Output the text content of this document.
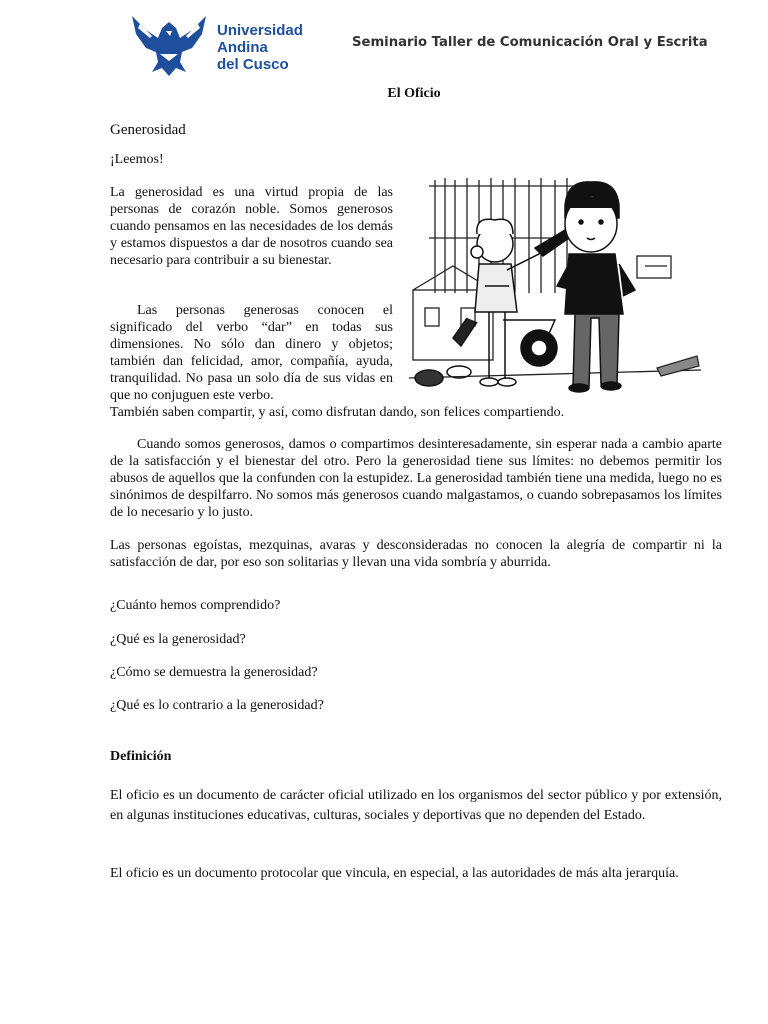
Universidad
Andina
del Cusco
Seminario Taller de Comunicación Oral y Escrita
El Oficio

Generosidad

¡Leemos!

La generosidad es una virtud propia de las personas de corazón noble. Somos generosos cuando pensamos en las necesidades de los demás y estamos dispuestos a dar de nosotros cuando sea necesario para contribuir a su bienestar.

Las personas generosas conocen el significado del verbo “dar” en todas sus dimensiones. No sólo dan dinero y objetos; también dan felicidad, amor, compañía, ayuda, tranquilidad. No pasa un solo día de sus vidas en que no conjuguen este verbo.

También saben compartir, y así, como disfrutan dando, son felices compartiendo.

Cuando somos generosos, damos o compartimos desinteresadamente, sin esperar nada a cambio aparte de la satisfacción y el bienestar del otro. Pero la generosidad tiene sus límites: no debemos permitir los abusos de aquellos que la confunden con la estupidez. La generosidad también tiene una medida, luego no es sinónimos de despilfarro. No somos más generosos cuando malgastamos, o cuando sobrepasamos los límites de lo necesario y lo justo.

Las personas egoístas, mezquinas, avaras y desconsideradas no conocen la alegría de compartir ni la satisfacción de dar, por eso son solitarias y llevan una vida sombría y aburrida.

¿Cuánto hemos comprendido?

¿Qué es la generosidad?

¿Cómo se demuestra la generosidad?

¿Qué es lo contrario a la generosidad?

Definición

El oficio es un documento de carácter oficial utilizado en los organismos del sector público y por extensión, en algunas instituciones educativas, culturas, sociales y deportivas que no dependen del Estado.

El oficio es un documento protocolar que vincula, en especial, a las autoridades de más alta jerarquía.
